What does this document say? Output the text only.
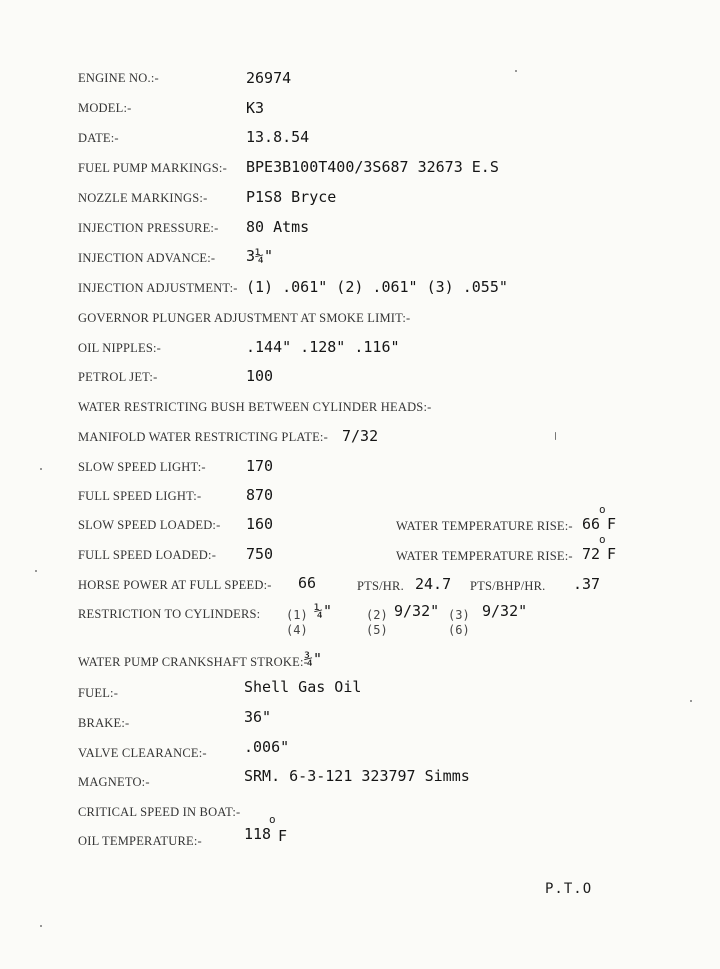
ENGINE NO.:-	26974
MODEL:-	K3
DATE:-	13.8.54
FUEL PUMP MARKINGS:- BPE3B100T400/3S687 32673 E.S
NOZZLE MARKINGS:-	P1S8 Bryce
INJECTION PRESSURE:- 80 Atms
INJECTION ADVANCE:- 3¼"
INJECTION ADJUSTMENT:- (1) .061" (2) .061" (3) .055"
GOVERNOR PLUNGER ADJUSTMENT AT SMOKE LIMIT:-
OIL NIPPLES:-	.144" .128" .116"
PETROL JET:-	100
WATER RESTRICTING BUSH BETWEEN CYLINDER HEADS:-
MANIFOLD WATER RESTRICTING PLATE:- 7/32
SLOW SPEED LIGHT:-	170
FULL SPEED LIGHT:-	870
SLOW SPEED LOADED:- 160	WATER TEMPERATURE RISE:- 66
o
F
FULL SPEED LOADED:- 750	WATER TEMPERATURE RISE:- 72
o
F
HORSE POWER AT FULL SPEED:- 66	PTS/HR. 24.7 PTS/BHP/HR. .37
RESTRICTION TO CYLINDERS: (1) ¼"	(2) 9/32" (3) 9/32"
(4)	(5)	(6)
WATER PUMP CRANKSHAFT STROKE:-
¾"
FUEL:-	Shell Gas Oil
BRAKE:-	36"
VALVE CLEARANCE:- .006"
MAGNETO:-	SRM. 6-3-121 323797 Simms
CRITICAL SPEED IN BOAT:-
OIL TEMPERATURE:-	118
o
F
P.T.O
